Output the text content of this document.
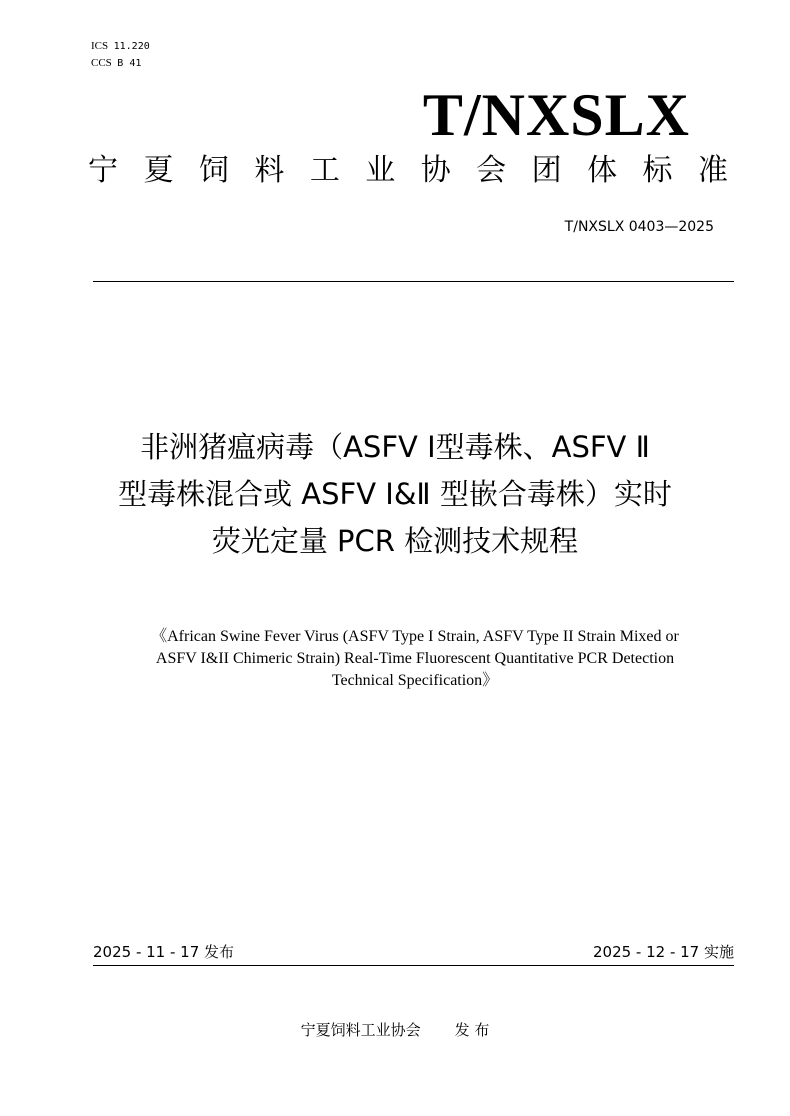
ICS 11.220
CCS B 41
T/NXSLX
宁 夏 饲 料 工 业 协 会 团 体 标 准
T/NXSLX 0403—2025
非洲猪瘟病毒（ASFV Ⅰ型毒株、ASFV Ⅱ
型毒株混合或 ASFV Ⅰ&Ⅱ 型嵌合毒株）实时
荧光定量 PCR 检测技术规程
《African Swine Fever Virus (ASFV Type I Strain, ASFV Type II Strain Mixed or
ASFV I&II Chimeric Strain) Real-Time Fluorescent Quantitative PCR Detection
Technical Specification》
2025 - 11 - 17 发布	2025 - 12 - 17 实施
宁夏饲料工业协会 发 布
